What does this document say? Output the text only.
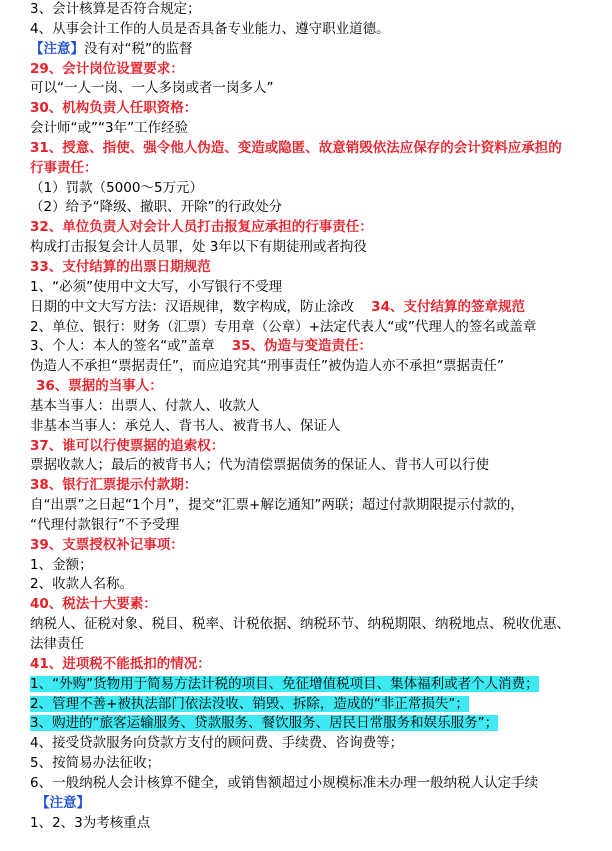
3、会计核算是否符合规定；
4、从事会计工作的人员是否具备专业能力、遵守职业道德。
【注意】没有对“税”的监督
29、会计岗位设置要求：
可以“一人一岗、一人多岗或者一岗多人”
30、机构负责人任职资格：
会计师“或”“3年”工作经验
31、授意、指使、强令他人伪造、变造或隐匿、故意销毁依法应保存的会计资料应承担的
行事责任：
（1）罚款（5000～5万元）
（2）给予“降级、撤职、开除”的行政处分
32、单位负责人对会计人员打击报复应承担的行事责任：
构成打击报复会计人员罪，处 3年以下有期徒刑或者拘役
33、支付结算的出票日期规范
1、“必须”使用中文大写，小写银行不受理
日期的中文大写方法：汉语规律，数字构成，防止涂改 34、支付结算的签章规范
2、单位、银行：财务（汇票）专用章（公章）+法定代表人“或”代理人的签名或盖章
3、个人：本人的签名“或”盖章 35、伪造与变造责任：
伪造人不承担“票据责任”，而应追究其“刑事责任”被伪造人亦不承担“票据责任”
36、票据的当事人：
基本当事人：出票人、付款人、收款人
非基本当事人：承兑人、背书人、被背书人、保证人
37、谁可以行使票据的追索权：
票据收款人；最后的被背书人；代为清偿票据债务的保证人、背书人可以行使
38、银行汇票提示付款期：
自“出票”之日起“1个月”，提交“汇票+解讫通知”两联；超过付款期限提示付款的，
“代理付款银行”不予受理
39、支票授权补记事项：
1、金额；
2、收款人名称。
40、税法十大要素：
纳税人、征税对象、税目、税率、计税依据、纳税环节、纳税期限、纳税地点、税收优惠、
法律责任
41、进项税不能抵扣的情况：
1、“外购”货物用于简易方法计税的项目、免征增值税项目、集体福利或者个人消费；
2、管理不善+被执法部门依法没收、销毁、拆除，造成的“非正常损失”；
3、购进的“旅客运输服务、贷款服务、餐饮服务、居民日常服务和娱乐服务”；
4、接受贷款服务向贷款方支付的顾问费、手续费、咨询费等；
5、按简易办法征收；
6、一般纳税人会计核算不健全，或销售额超过小规模标准未办理一般纳税人认定手续
【注意】
1、2、3为考核重点
